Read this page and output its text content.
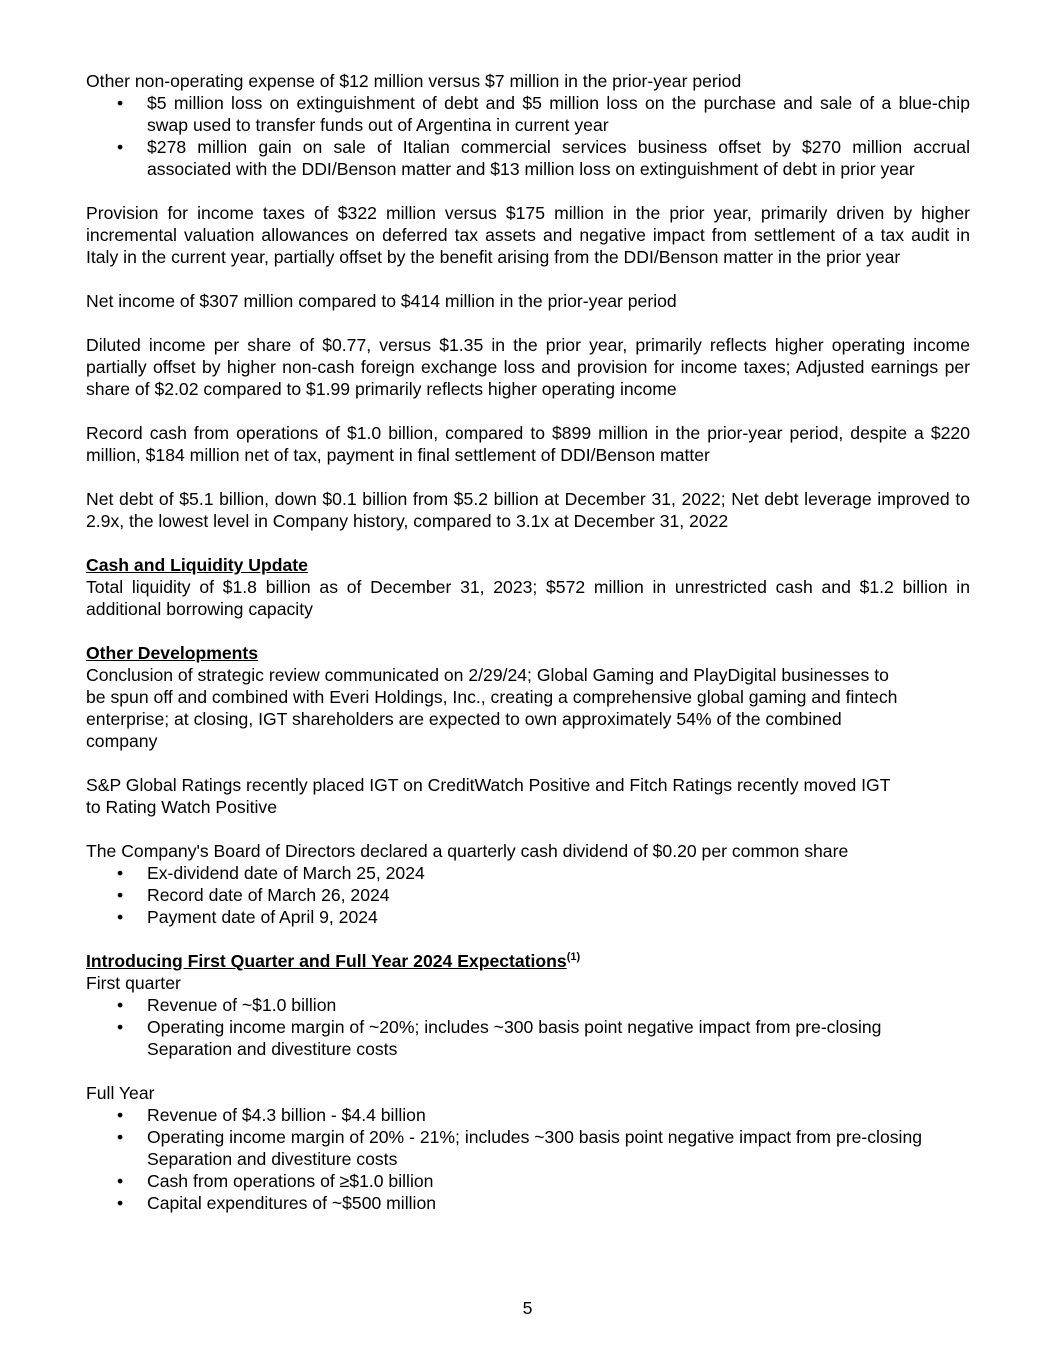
Other non-operating expense of $12 million versus $7 million in the prior-year period

• $5 million loss on extinguishment of debt and $5 million loss on the purchase and sale of a blue-chip swap used to transfer funds out of Argentina in current year
• $278 million gain on sale of Italian commercial services business offset by $270 million accrual associated with the DDI/Benson matter and $13 million loss on extinguishment of debt in prior year

Provision for income taxes of $322 million versus $175 million in the prior year, primarily driven by higher incremental valuation allowances on deferred tax assets and negative impact from settlement of a tax audit in Italy in the current year, partially offset by the benefit arising from the DDI/Benson matter in the prior year

Net income of $307 million compared to $414 million in the prior-year period

Diluted income per share of $0.77, versus $1.35 in the prior year, primarily reflects higher operating income partially offset by higher non-cash foreign exchange loss and provision for income taxes; Adjusted earnings per share of $2.02 compared to $1.99 primarily reflects higher operating income

Record cash from operations of $1.0 billion, compared to $899 million in the prior-year period, despite a $220 million, $184 million net of tax, payment in final settlement of DDI/Benson matter

Net debt of $5.1 billion, down $0.1 billion from $5.2 billion at December 31, 2022; Net debt leverage improved to 2.9x, the lowest level in Company history, compared to 3.1x at December 31, 2022

Cash and Liquidity Update

Total liquidity of $1.8 billion as of December 31, 2023; $572 million in unrestricted cash and $1.2 billion in additional borrowing capacity

Other Developments

Conclusion of strategic review communicated on 2/29/24; Global Gaming and PlayDigital businesses to

be spun off and combined with Everi Holdings, Inc., creating a comprehensive global gaming and fintech

enterprise; at closing, IGT shareholders are expected to own approximately 54% of the combined

company

S&P Global Ratings recently placed IGT on CreditWatch Positive and Fitch Ratings recently moved IGT

to Rating Watch Positive

The Company's Board of Directors declared a quarterly cash dividend of $0.20 per common share

• Ex-dividend date of March 25, 2024
• Record date of March 26, 2024
• Payment date of April 9, 2024

Introducing First Quarter and Full Year 2024 Expectations$^{(1)}$

First quarter

• Revenue of ~$1.0 billion
• Operating income margin of ~20%; includes ~300 basis point negative impact from pre-closing Separation and divestiture costs

Full Year

• Revenue of $4.3 billion - $4.4 billion
• Operating income margin of 20% - 21%; includes ~300 basis point negative impact from pre-closing Separation and divestiture costs
• Cash from operations of ≥$1.0 billion
• Capital expenditures of ~$500 million
5
